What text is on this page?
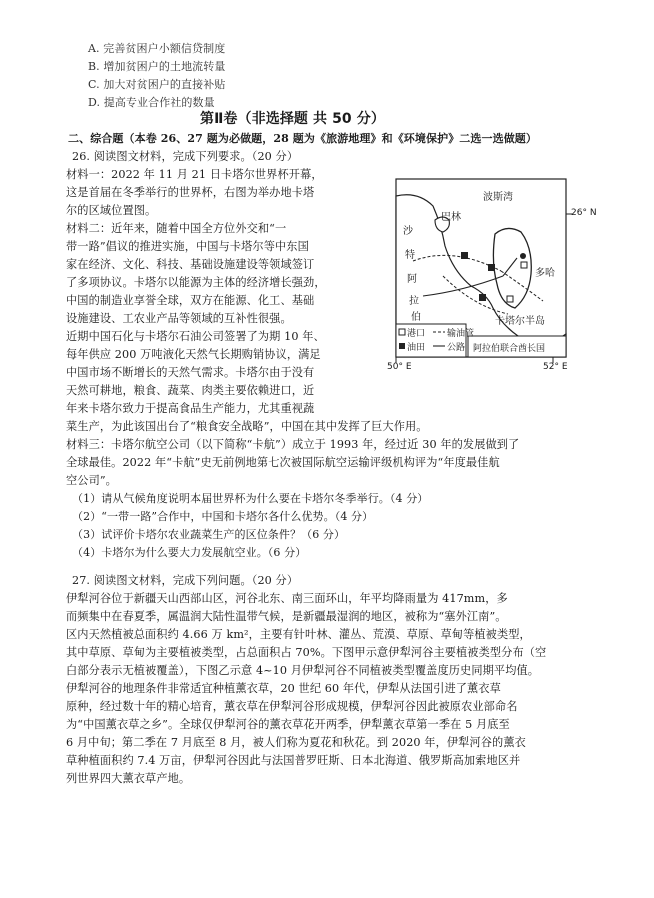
A. 完善贫困户小额信贷制度
B. 增加贫困户的土地流转量
C. 加大对贫困户的直接补贴
D. 提高专业合作社的数量
第Ⅱ卷（非选择题 共 50 分）
二、综合题（本卷 26、27 题为必做题，28 题为《旅游地理》和《环境保护》二选一选做题）
26. 阅读图文材料，完成下列要求。（20 分）
材料一：2022 年 11 月 21 日卡塔尔世界杯开幕，
这是首届在冬季举行的世界杯，右图为举办地卡塔
尔的区域位置图。
材料二：近年来，随着中国全方位外交和“一
带一路”倡议的推进实施，中国与卡塔尔等中东国
家在经济、文化、科技、基础设施建设等领域签订
了多项协议。卡塔尔以能源为主体的经济增长强劲，
中国的制造业享誉全球，双方在能源、化工、基础
设施建设、工农业产品等领域的互补性很强。
近期中国石化与卡塔尔石油公司签署了为期 10 年、
每年供应 200 万吨液化天然气长期购销协议，满足
中国市场不断增长的天然气需求。卡塔尔由于没有
天然可耕地，粮食、蔬菜、肉类主要依赖进口，近
年来卡塔尔致力于提高食品生产能力，尤其重视蔬
菜生产，为此该国出台了“粮食安全战略”，中国在其中发挥了巨大作用。
材料三：卡塔尔航空公司（以下简称“卡航”）成立于 1993 年，经过近 30 年的发展做到了
全球最佳。2022 年“卡航”史无前例地第七次被国际航空运输评级机构评为“年度最佳航
空公司”。
（1）请从气候角度说明本届世界杯为什么要在卡塔尔冬季举行。（4 分）
（2）“一带一路”合作中，中国和卡塔尔各什么优势。（4 分）
（3）试评价卡塔尔农业蔬菜生产的区位条件？（6 分）
（4）卡塔尔为什么要大力发展航空业。（6 分）
27. 阅读图文材料，完成下列问题。（20 分）
伊犁河谷位于新疆天山西部山区，河谷北东、南三面环山，年平均降雨量为 417mm，多
而频集中在春夏季，属温润大陆性温带气候，是新疆最湿润的地区，被称为“塞外江南”。
区内天然植被总面积约 4.66 万 km²，主要有针叶林、灌丛、荒漠、草原、草甸等植被类型，
其中草原、草甸为主要植被类型，占总面积占 70%。下图甲示意伊犁河谷主要植被类型分布（空
白部分表示无植被覆盖），下图乙示意 4~10 月伊犁河谷不同植被类型覆盖度历史同期平均值。
伊犁河谷的地理条件非常适宜种植薰衣草，20 世纪 60 年代，伊犁从法国引进了薰衣草
原种，经过数十年的精心培育，薰衣草在伊犁河谷形成规模，伊犁河谷因此被原农业部命名
为“中国薰衣草之乡”。全球仅伊犁河谷的薰衣草花开两季，伊犁薰衣草第一季在 5 月底至
6 月中旬；第二季在 7 月底至 8 月，被人们称为夏花和秋花。到 2020 年，伊犁河谷的薰衣
草种植面积约 7.4 万亩，伊犁河谷因此与法国普罗旺斯、日本北海道、俄罗斯高加索地区并
列世界四大薰衣草产地。
巴林
沙
特
阿
拉
伯
多哈
卡塔尔半岛
波斯湾
26° N
50° E	52° E
港口
油田
输油管
公路 阿拉伯联合酋长国
